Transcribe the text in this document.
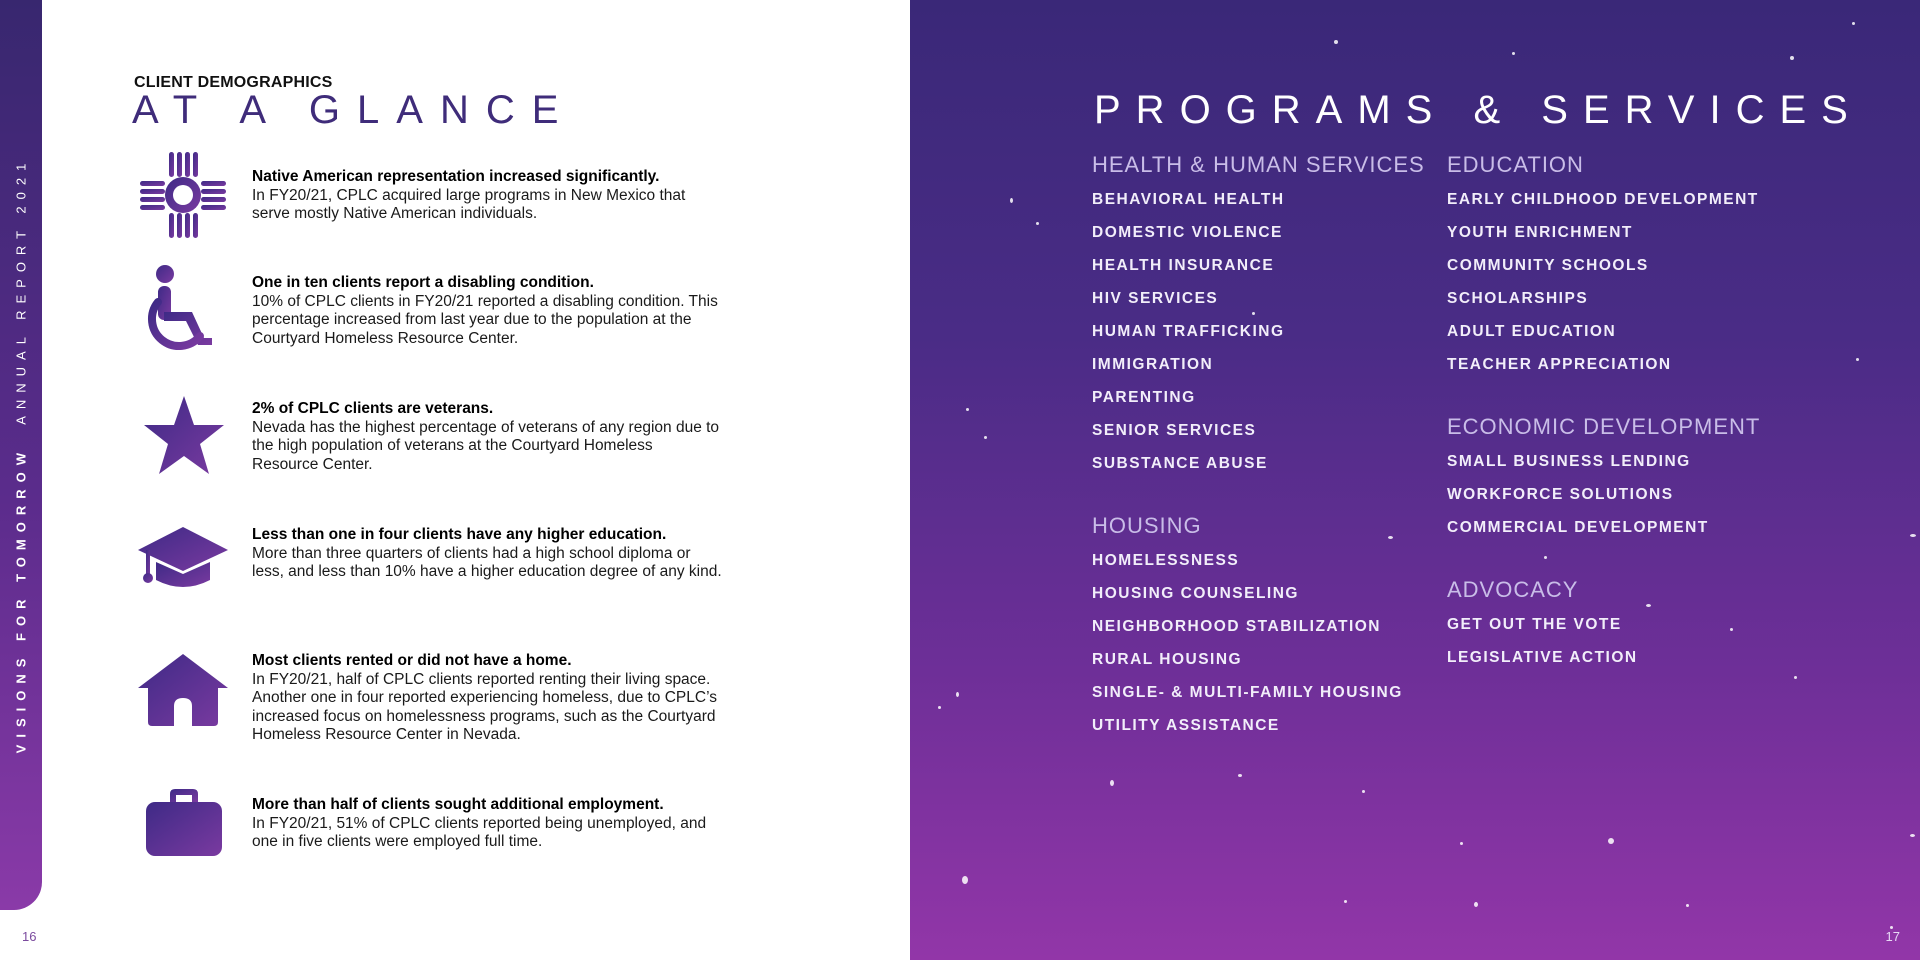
VISIONS FOR TOMORROW  ANNUAL REPORT 2021
CLIENT DEMOGRAPHICS
AT A GLANCE
Native American representation increased significantly.
In FY20/21, CPLC acquired large programs in New Mexico that serve mostly Native American individuals.
One in ten clients report a disabling condition.
10% of CPLC clients in FY20/21 reported a disabling condition. This percentage increased from last year due to the population at the Courtyard Homeless Resource Center.
2% of CPLC clients are veterans.
Nevada has the highest percentage of veterans of any region due to the high population of veterans at the Courtyard Homeless Resource Center.
Less than one in four clients have any higher education.
More than three quarters of clients had a high school diploma or less, and less than 10% have a higher education degree of any kind.
Most clients rented or did not have a home.
In FY20/21, half of CPLC clients reported renting their living space. Another one in four reported experiencing homeless, due to CPLC’s increased focus on homelessness programs, such as the Courtyard Homeless Resource Center in Nevada.
More than half of clients sought additional employment.
In FY20/21, 51% of CPLC clients reported being unemployed, and one in five clients were employed full time.
16
PROGRAMS & SERVICES
HEALTH & HUMAN SERVICES
BEHAVIORAL HEALTH
DOMESTIC VIOLENCE
HEALTH INSURANCE
HIV SERVICES
HUMAN TRAFFICKING
IMMIGRATION
PARENTING
SENIOR SERVICES
SUBSTANCE ABUSE
HOUSING
HOMELESSNESS
HOUSING COUNSELING
NEIGHBORHOOD STABILIZATION
RURAL HOUSING
SINGLE- & MULTI-FAMILY HOUSING
UTILITY ASSISTANCE
EDUCATION
EARLY CHILDHOOD DEVELOPMENT
YOUTH ENRICHMENT
COMMUNITY SCHOOLS
SCHOLARSHIPS
ADULT EDUCATION
TEACHER APPRECIATION
ECONOMIC DEVELOPMENT
SMALL BUSINESS LENDING
WORKFORCE SOLUTIONS
COMMERCIAL DEVELOPMENT
ADVOCACY
GET OUT THE VOTE
LEGISLATIVE ACTION
17
